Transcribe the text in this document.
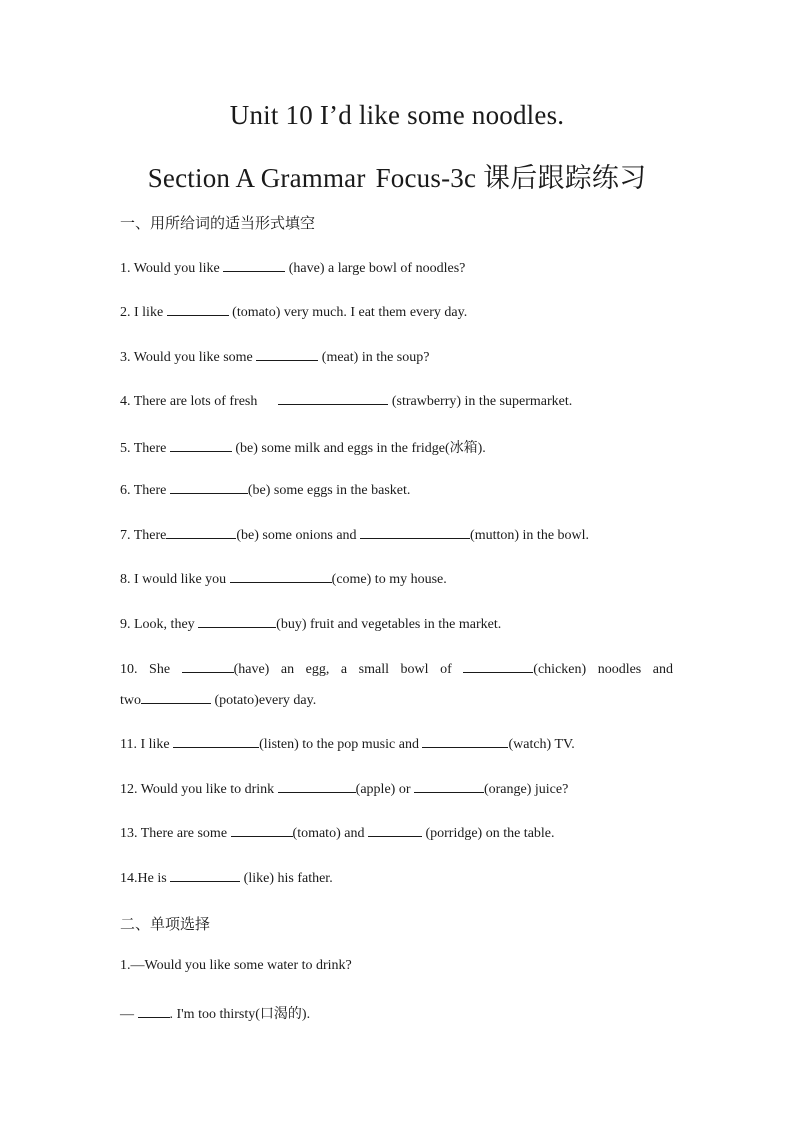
Unit 10 I’d like some noodles.
Section A Grammar Focus-3c 课后跟踪练习
一、用所给词的适当形式填空
1. Would you like	(have) a large bowl of noodles?
2. I like	(tomato) very much. I eat them every day.
3. Would you like some	(meat) in the soup?
4. There are lots of fresh	(strawberry) in the supermarket.
5. There	(be) some milk and eggs in the fridge(冰箱).
6. There	(be) some eggs in the basket.
7. There	(be) some onions and	(mutton) in the bowl.
8. I would like you	(come) to my house.
9. Look, they	(buy) fruit and vegetables in the market.
10. She	(have) an egg, a small bowl of	(chicken) noodles and
two	(potato)every day.
11. I like	(listen) to the pop music and	(watch) TV.
12. Would you like to drink	(apple) or	(orange) juice?
13. There are some	(tomato) and	(porridge) on the table.
14.He is	(like) his father.
二、单项选择
1.—Would you like some water to drink?
—	. I'm too thirsty(口渴的).
